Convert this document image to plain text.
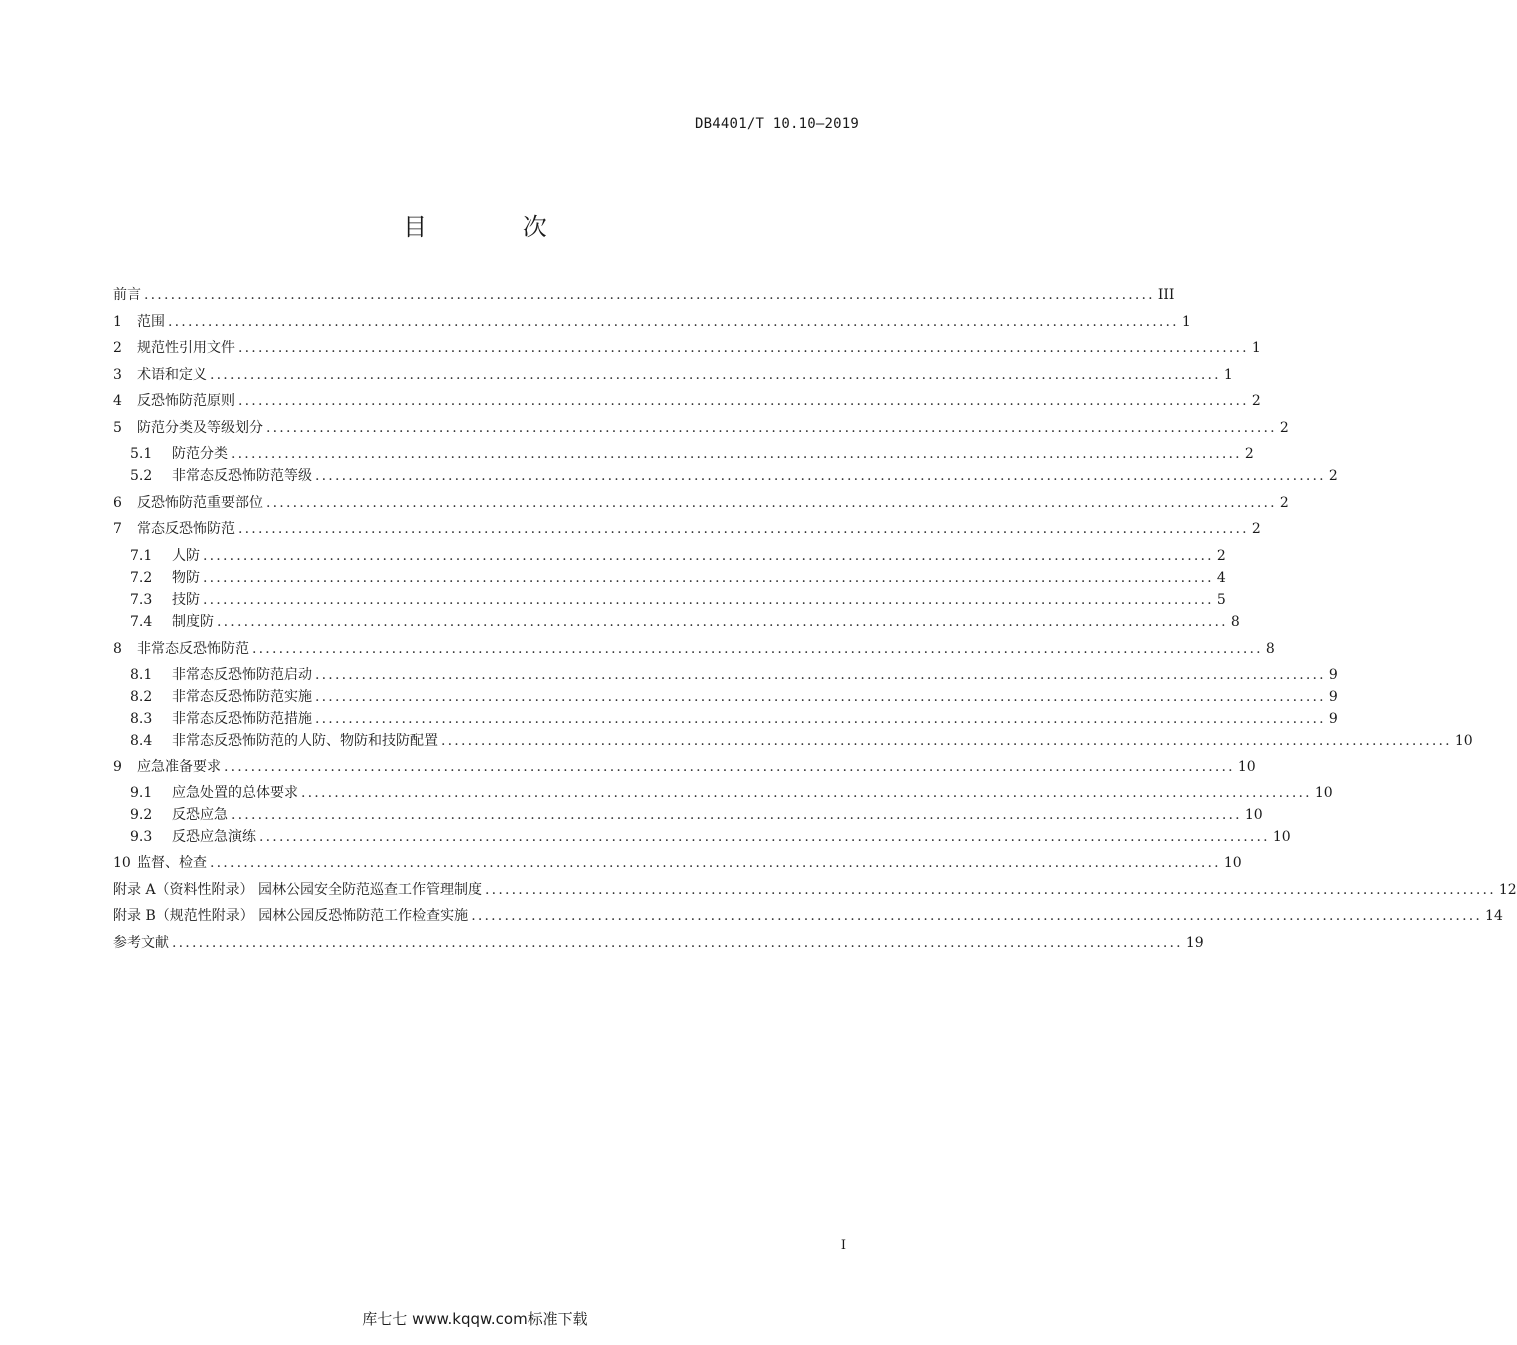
DB4401/T 10.10—2019
目 次
前言 ........................................................................................................................................................ III
1	范围 ........................................................................................................................................................ 1
2	规范性引用文件 ........................................................................................................................................................ 1
3	术语和定义 ........................................................................................................................................................ 1
4	反恐怖防范原则 ........................................................................................................................................................ 2
5	防范分类及等级划分 ........................................................................................................................................................ 2
5.1	防范分类 ........................................................................................................................................................ 2
5.2	非常态反恐怖防范等级 ........................................................................................................................................................ 2
6	反恐怖防范重要部位 ........................................................................................................................................................ 2
7	常态反恐怖防范 ........................................................................................................................................................ 2
7.1	人防 ........................................................................................................................................................ 2
7.2	物防 ........................................................................................................................................................ 4
7.3	技防 ........................................................................................................................................................ 5
7.4	制度防 ........................................................................................................................................................ 8
8	非常态反恐怖防范 ........................................................................................................................................................ 8
8.1	非常态反恐怖防范启动 ........................................................................................................................................................ 9
8.2	非常态反恐怖防范实施 ........................................................................................................................................................ 9
8.3	非常态反恐怖防范措施 ........................................................................................................................................................ 9
8.4	非常态反恐怖防范的人防、物防和技防配置 ........................................................................................................................................................ 10
9	应急准备要求 ........................................................................................................................................................ 10
9.1	应急处置的总体要求 ........................................................................................................................................................ 10
9.2	反恐应急 ........................................................................................................................................................ 10
9.3	反恐应急演练 ........................................................................................................................................................ 10
10 监督、检查 ........................................................................................................................................................ 10
附录 A（资料性附录） 园林公园安全防范巡查工作管理制度 ........................................................................................................................................................ 12
附录 B（规范性附录） 园林公园反恐怖防范工作检查实施 ........................................................................................................................................................ 14
参考文献 ........................................................................................................................................................ 19
I
库七七 www.kqqw.com标准下载
